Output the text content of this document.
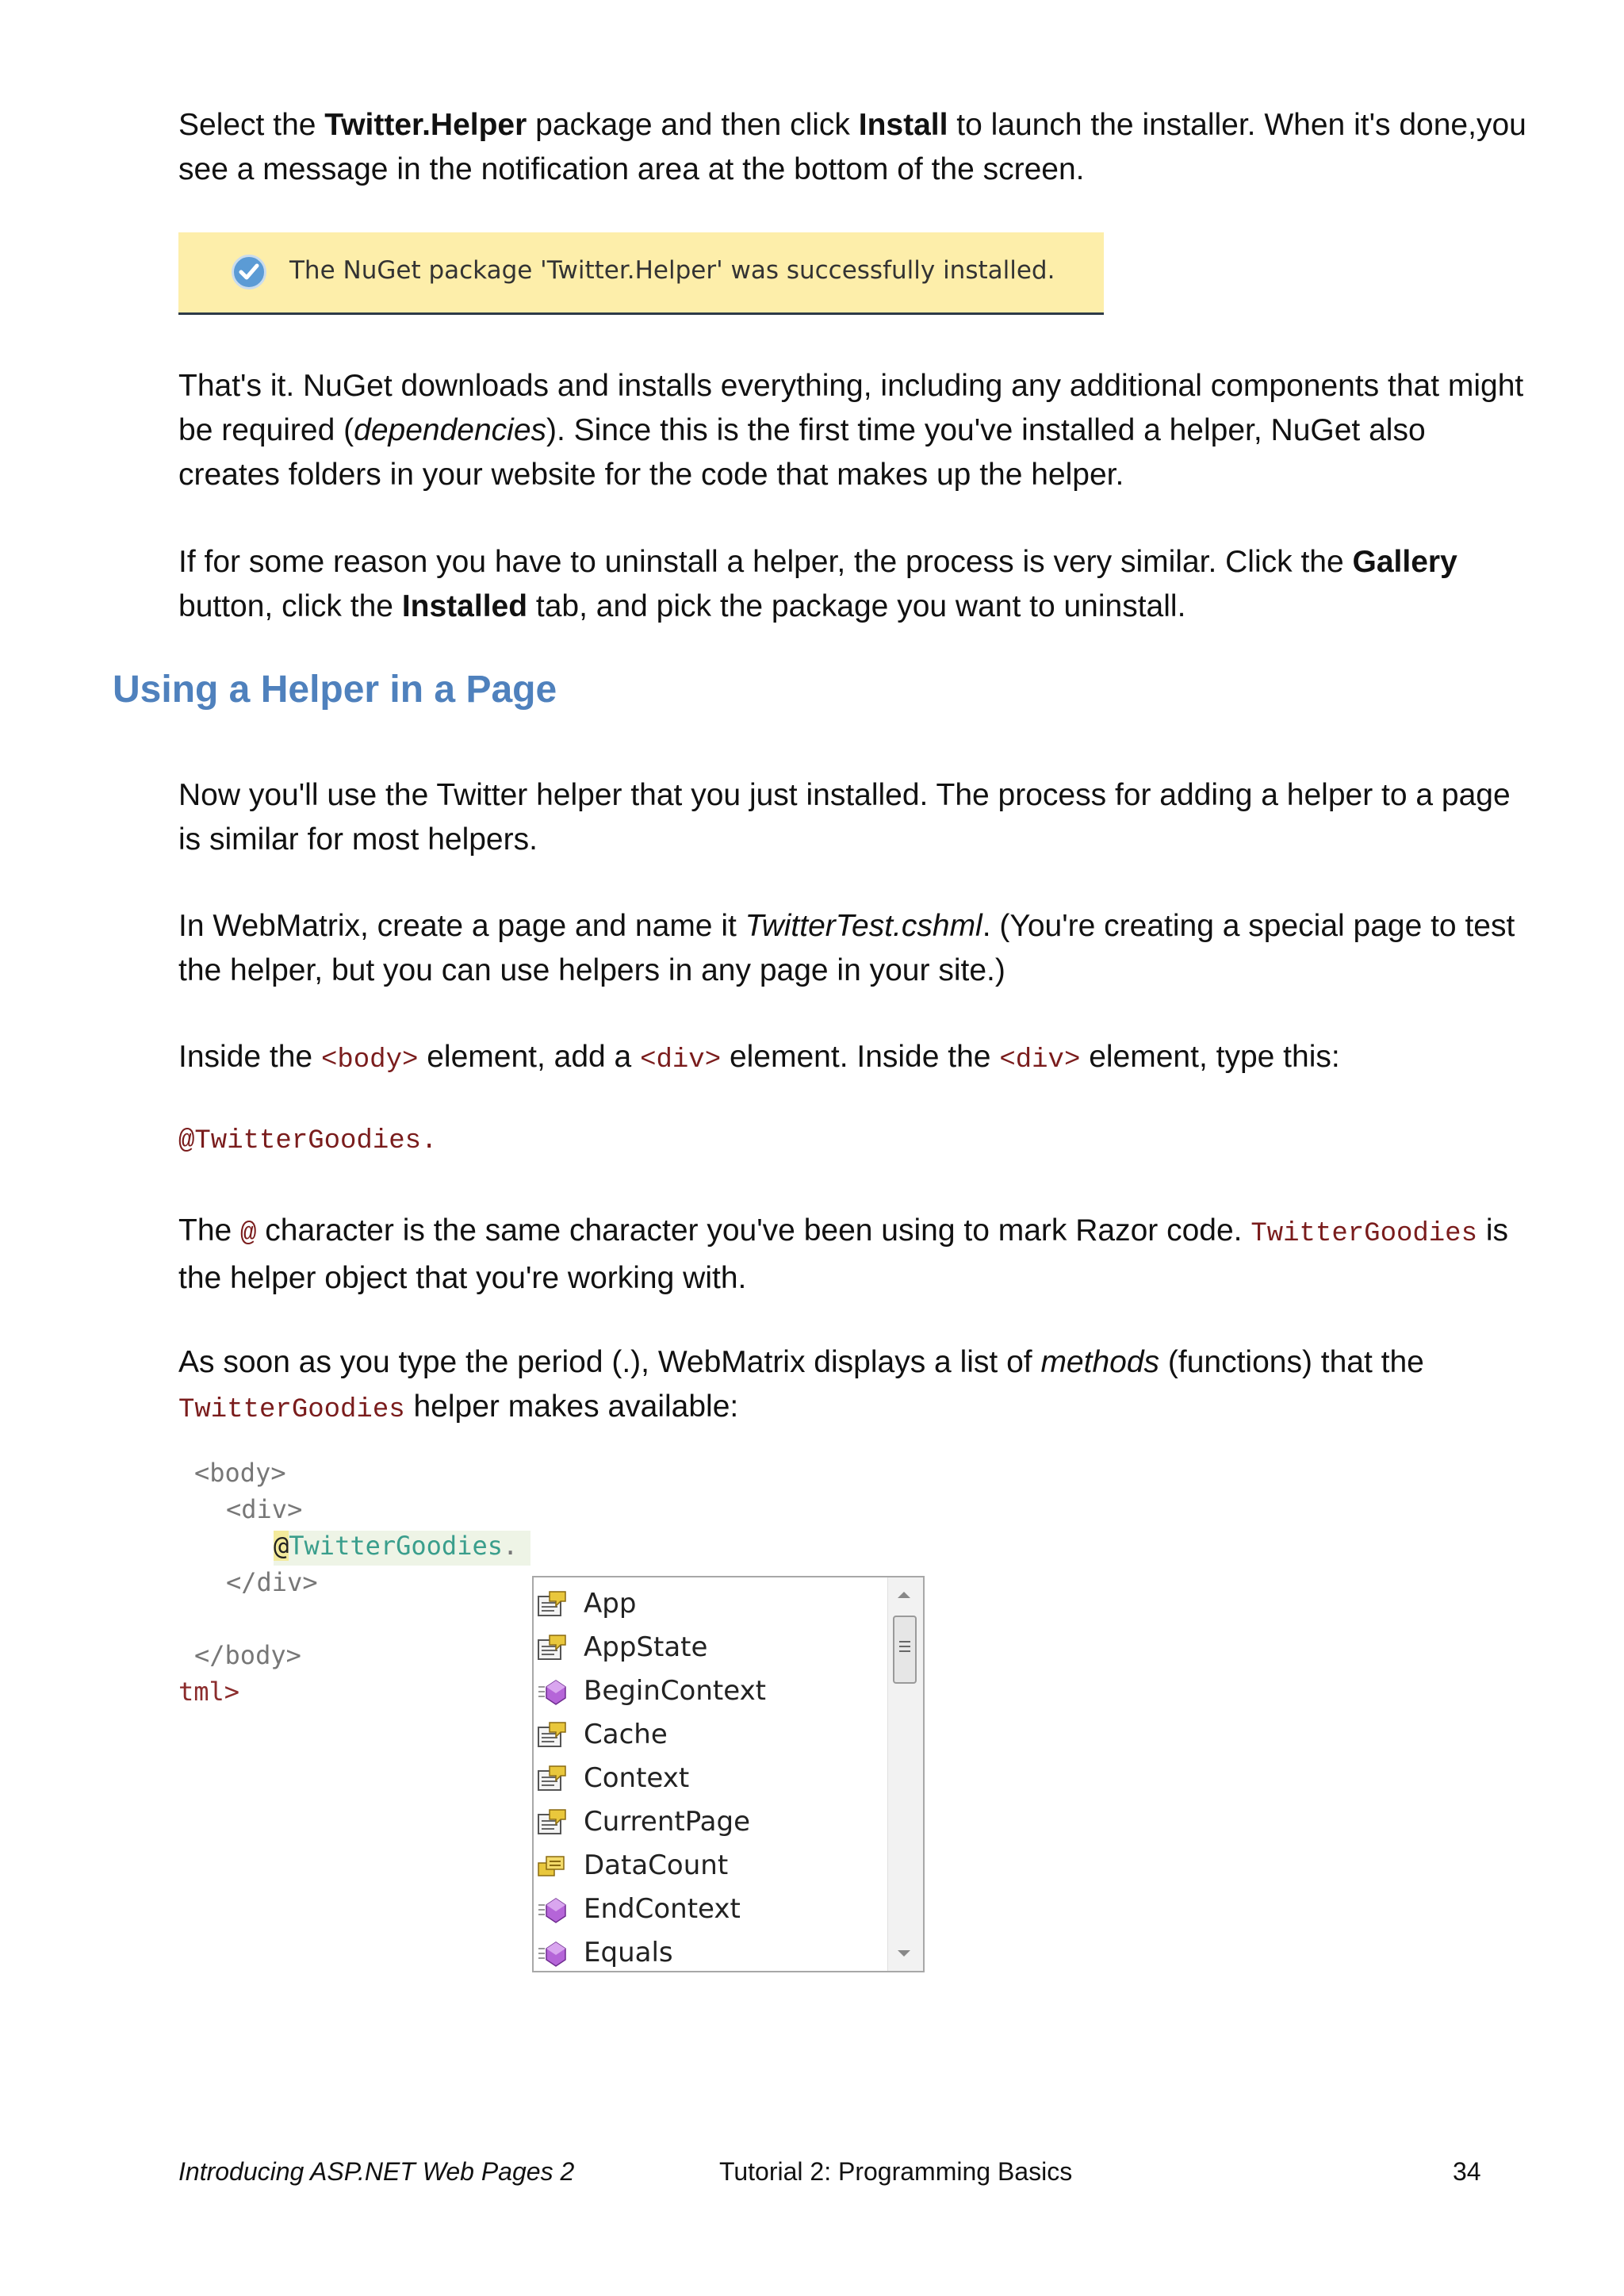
Select the Twitter.Helper package and then click Install to launch the installer. When it's done,you see a message in the notification area at the bottom of the screen.

The NuGet package 'Twitter.Helper' was successfully installed.

That's it. NuGet downloads and installs everything, including any additional components that might be required (dependencies). Since this is the first time you've installed a helper, NuGet also creates folders in your website for the code that makes up the helper.

If for some reason you have to uninstall a helper, the process is very similar. Click the Gallery button, click the Installed tab, and pick the package you want to uninstall.

Using a Helper in a Page

Now you'll use the Twitter helper that you just installed. The process for adding a helper to a page is similar for most helpers.

In WebMatrix, create a page and name it TwitterTest.cshml. (You're creating a special page to test the helper, but you can use helpers in any page in your site.)

Inside the <body> element, add a <div> element. Inside the <div> element, type this:

@TwitterGoodies.

The @ character is the same character you've been using to mark Razor code. TwitterGoodies is the helper object that you're working with.

As soon as you type the period (.), WebMatrix displays a list of methods (functions) that the TwitterGoodies helper makes available:

<body>
<div>
@TwitterGoodies.
</div>
</body>
tml>
App
AppState
BeginContext
Cache
Context
CurrentPage
DataCount
EndContext
Equals
Introducing ASP.NET Web Pages 2	Tutorial 2: Programming Basics	34
